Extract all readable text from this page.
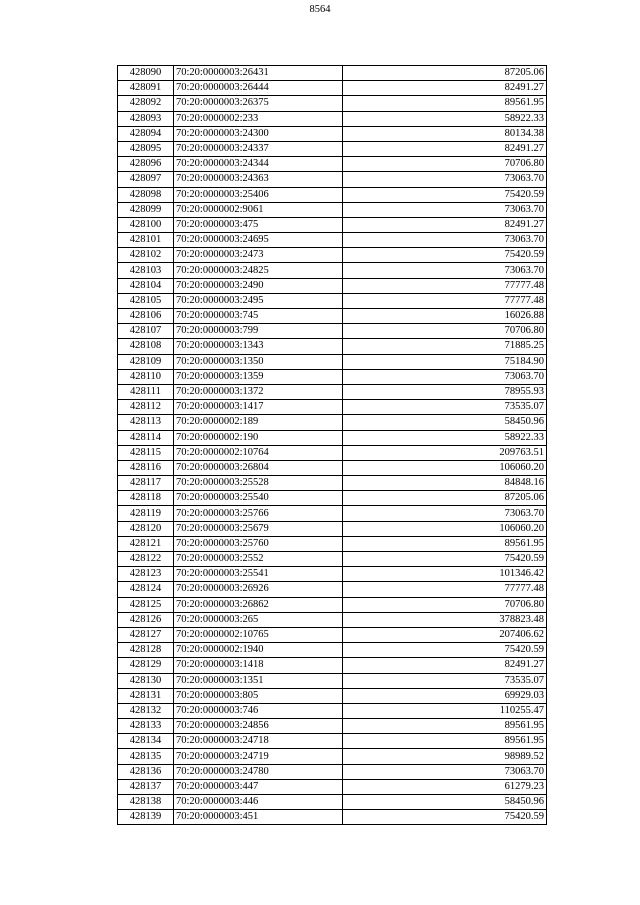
8564
428090	70:20:0000003:26431	87205.06
428091	70:20:0000003:26444	82491.27
428092	70:20:0000003:26375	89561.95
428093	70:20:0000002:233	58922.33
428094	70:20:0000003:24300	80134.38
428095	70:20:0000003:24337	82491.27
428096	70:20:0000003:24344	70706.80
428097	70:20:0000003:24363	73063.70
428098	70:20:0000003:25406	75420.59
428099	70:20:0000002:9061	73063.70
428100	70:20:0000003:475	82491.27
428101	70:20:0000003:24695	73063.70
428102	70:20:0000003:2473	75420.59
428103	70:20:0000003:24825	73063.70
428104	70:20:0000003:2490	77777.48
428105	70:20:0000003:2495	77777.48
428106	70:20:0000003:745	16026.88
428107	70:20:0000003:799	70706.80
428108	70:20:0000003:1343	71885.25
428109	70:20:0000003:1350	75184.90
428110	70:20:0000003:1359	73063.70
428111	70:20:0000003:1372	78955.93
428112	70:20:0000003:1417	73535.07
428113	70:20:0000002:189	58450.96
428114	70:20:0000002:190	58922.33
428115	70:20:0000002:10764	209763.51
428116	70:20:0000003:26804	106060.20
428117	70:20:0000003:25528	84848.16
428118	70:20:0000003:25540	87205.06
428119	70:20:0000003:25766	73063.70
428120	70:20:0000003:25679	106060.20
428121	70:20:0000003:25760	89561.95
428122	70:20:0000003:2552	75420.59
428123	70:20:0000003:25541	101346.42
428124	70:20:0000003:26926	77777.48
428125	70:20:0000003:26862	70706.80
428126	70:20:0000003:265	378823.48
428127	70:20:0000002:10765	207406.62
428128	70:20:0000002:1940	75420.59
428129	70:20:0000003:1418	82491.27
428130	70:20:0000003:1351	73535.07
428131	70:20:0000003:805	69929.03
428132	70:20:0000003:746	110255.47
428133	70:20:0000003:24856	89561.95
428134	70:20:0000003:24718	89561.95
428135	70:20:0000003:24719	98989.52
428136	70:20:0000003:24780	73063.70
428137	70:20:0000003:447	61279.23
428138	70:20:0000003:446	58450.96
428139	70:20:0000003:451	75420.59
